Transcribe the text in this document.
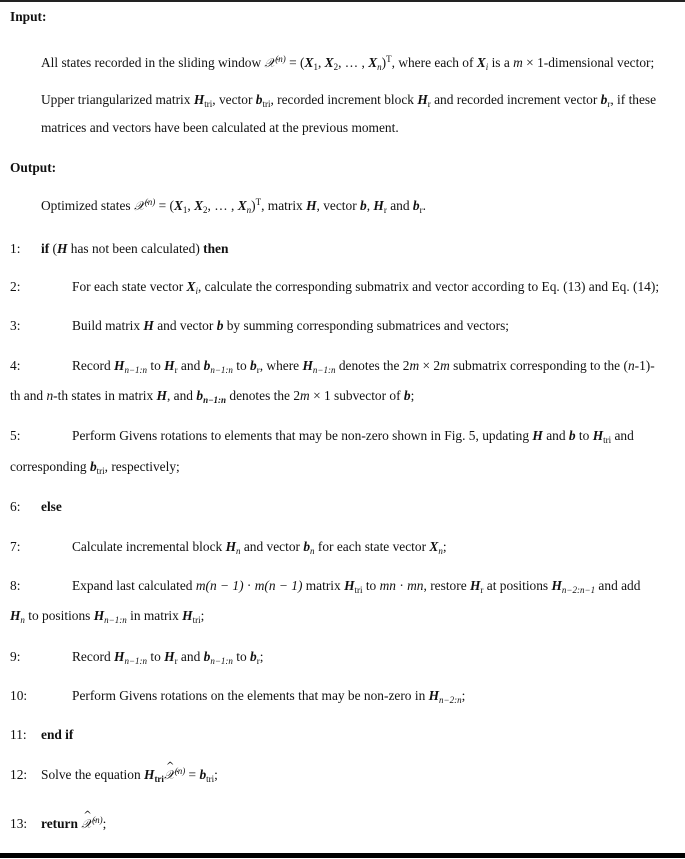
Input:
All states recorded in the sliding window 𝒳$^{(n)}$ = ($X_1$, $X_2$, … , $X_n)^T$, where each of $X_i$ is a m × 1-dimensional vector;
Upper triangularized matrix $H_{tri}$, vector $b_{tri}$, recorded increment block $H_r$ and recorded increment vector $b_r$, if these
matrices and vectors have been calculated at the previous moment.
Output:
Optimized states 𝒳$^{(n)}$ = ($X_1$, $X_2$, … , $X_n)^T$, matrix H, vector b, $H_r$ and $b_r$.
1: if (H has not been calculated) then
2:	For each state vector $X_i$, calculate the corresponding submatrix and vector according to Eq. (13) and Eq. (14);
3:	Build matrix H and vector b by summing corresponding submatrices and vectors;
4:	Record $H_{n-1:n}$ to $H_r$ and $b_{n-1:n}$ to $b_r$, where $H_{n-1:n}$ denotes the 2m × 2m submatrix corresponding to the (n-1)-
th and n-th states in matrix H, and $b_{n-1:n}$ denotes the 2m × 1 subvector of b;
5:	Perform Givens rotations to elements that may be non-zero shown in Fig. 5, updating H and b to $H_{tri}$ and
corresponding $b_{tri}$, respectively;
6: else
7:	Calculate incremental block $H_n$ and vector $b_n$ for each state vector $X_n$;
8:	Expand last calculated m(n − 1) · m(n − 1) matrix $H_{tri}$ to mn · mn, restore $H_r$ at positions $H_{n-2:n-1}$ and add
$H_n$ to positions $H_{n-1:n}$ in matrix $H_{tri}$;
9:	Record $H_{n-1:n}$ to $H_r$ and $b_{n-1:n}$ to $b_r$;
10:	Perform Givens rotations on the elements that may be non-zero in $H_{n-2:n}$;
11: end if
12: Solve the equation $H_{tri}\^{}$ 𝒳$^{(n)}$ = $b_{tri}$;
13: return ^ 𝒳$^{(n)}$;
